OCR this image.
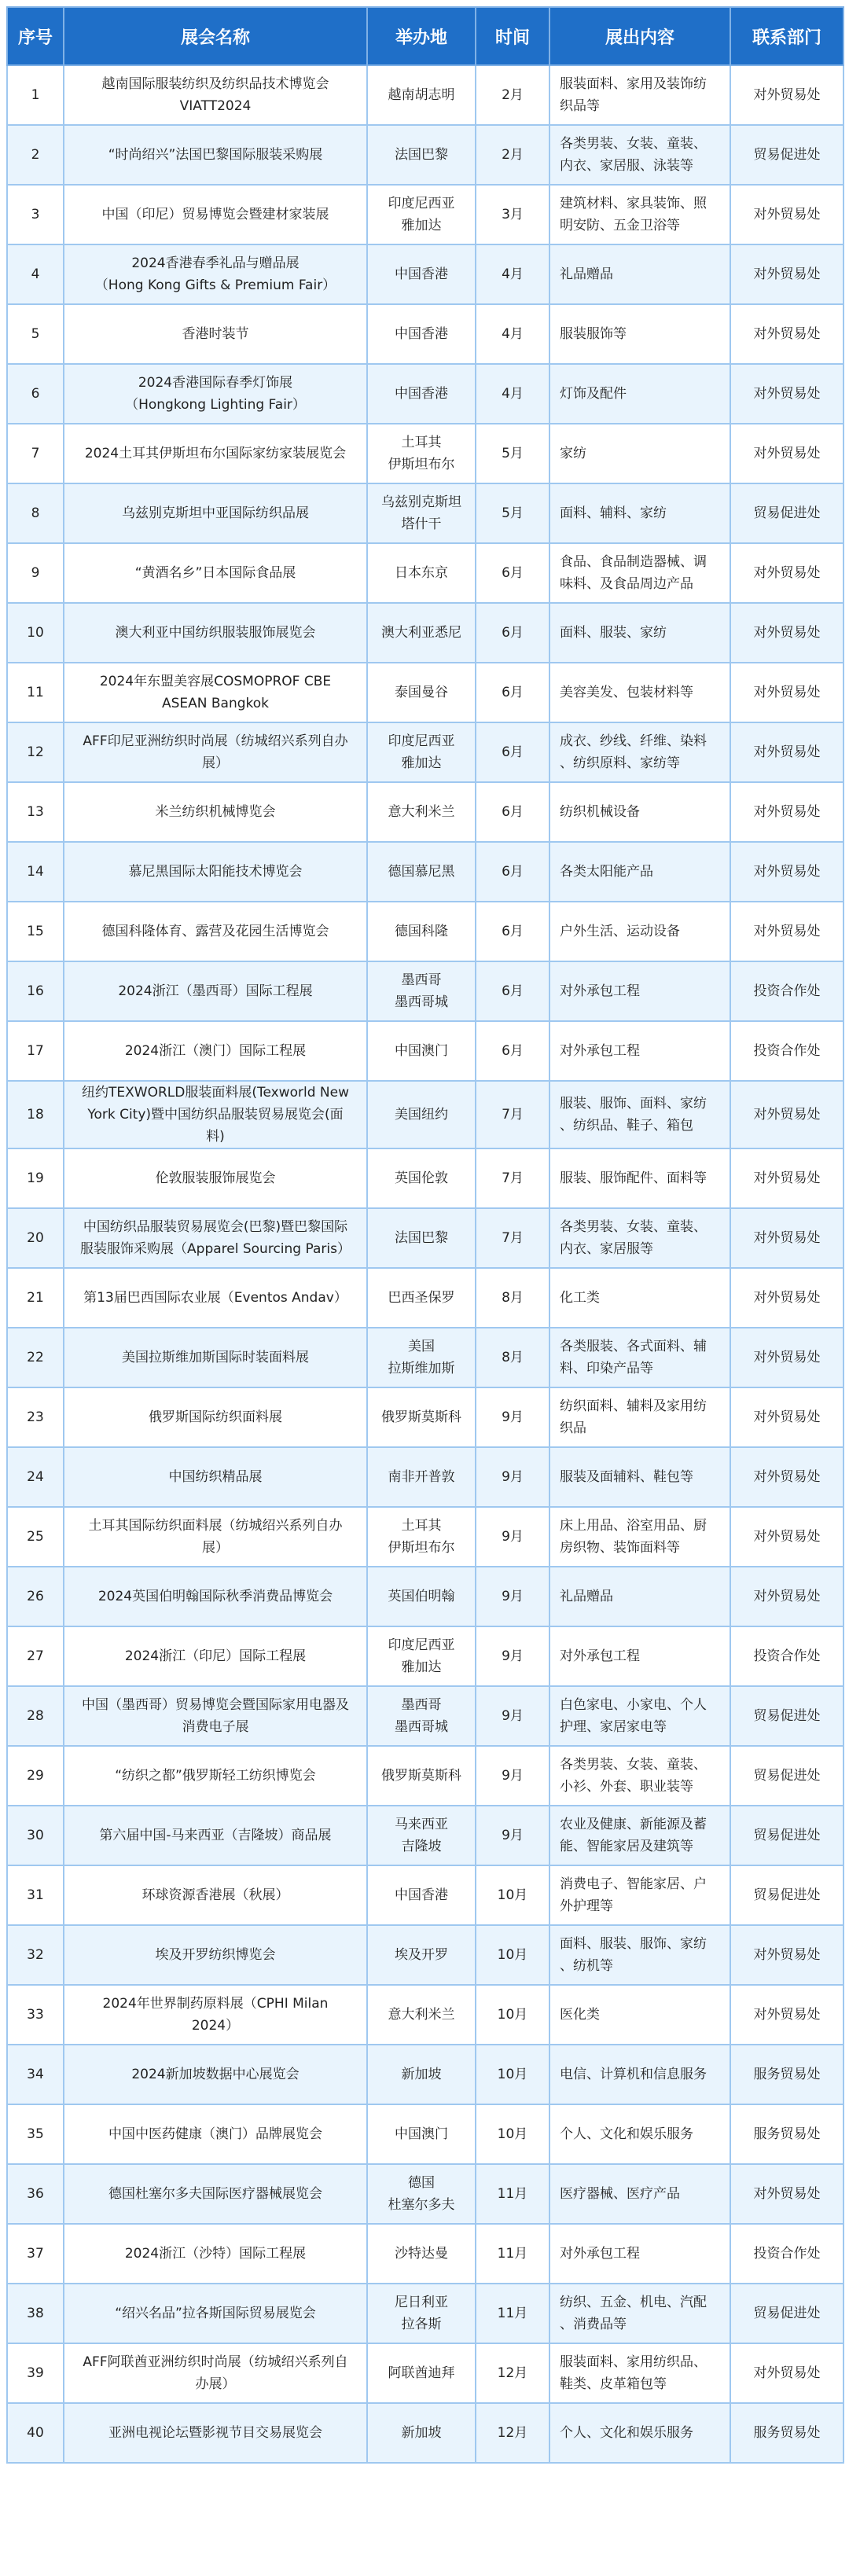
序号	展会名称	举办地	时间	展出内容	联系部门
1	越南国际服装纺织及纺织品技术博览会
VIATT2024	越南胡志明	2月	服装面料、家用及装饰纺
织品等	对外贸易处
2	“时尚绍兴”法国巴黎国际服装采购展	法国巴黎	2月	各类男装、女装、童装、
内衣、家居服、泳装等	贸易促进处
3	中国（印尼）贸易博览会暨建材家装展	印度尼西亚
雅加达	3月	建筑材料、家具装饰、照
明安防、五金卫浴等	对外贸易处
4	2024香港春季礼品与赠品展
（Hong Kong Gifts & Premium Fair）	中国香港	4月	礼品赠品	对外贸易处
5	香港时装节	中国香港	4月	服装服饰等	对外贸易处
6	2024香港国际春季灯饰展
（Hongkong Lighting Fair）	中国香港	4月	灯饰及配件	对外贸易处
7	2024土耳其伊斯坦布尔国际家纺家装展览会	土耳其
伊斯坦布尔	5月	家纺	对外贸易处
8	乌兹别克斯坦中亚国际纺织品展	乌兹别克斯坦
塔什干	5月	面料、辅料、家纺	贸易促进处
9	“黄酒名乡”日本国际食品展	日本东京	6月	食品、食品制造器械、调
味料、及食品周边产品	对外贸易处
10	澳大利亚中国纺织服装服饰展览会	澳大利亚悉尼	6月	面料、服装、家纺	对外贸易处
11	2024年东盟美容展COSMOPROF CBE
ASEAN Bangkok	泰国曼谷	6月	美容美发、包装材料等	对外贸易处
12	AFF印尼亚洲纺织时尚展（纺城绍兴系列自办
展）	印度尼西亚
雅加达	6月	成衣、纱线、纤维、染料
、纺织原料、家纺等	对外贸易处
13	米兰纺织机械博览会	意大利米兰	6月	纺织机械设备	对外贸易处
14	慕尼黑国际太阳能技术博览会	德国慕尼黑	6月	各类太阳能产品	对外贸易处
15	德国科隆体育、露营及花园生活博览会	德国科隆	6月	户外生活、运动设备	对外贸易处
16	2024浙江（墨西哥）国际工程展	墨西哥
墨西哥城	6月	对外承包工程	投资合作处
17	2024浙江（澳门）国际工程展	中国澳门	6月	对外承包工程	投资合作处
18	纽约TEXWORLD服装面料展(Texworld New
York City)暨中国纺织品服装贸易展览会(面
料)	美国纽约	7月	服装、服饰、面料、家纺
、纺织品、鞋子、箱包	对外贸易处
19	伦敦服装服饰展览会	英国伦敦	7月	服装、服饰配件、面料等	对外贸易处
20	中国纺织品服装贸易展览会(巴黎)暨巴黎国际
服装服饰采购展（Apparel Sourcing Paris）	法国巴黎	7月	各类男装、女装、童装、
内衣、家居服等	对外贸易处
21	第13届巴西国际农业展（Eventos Andav）	巴西圣保罗	8月	化工类	对外贸易处
22	美国拉斯维加斯国际时装面料展	美国
拉斯维加斯	8月	各类服装、各式面料、辅
料、印染产品等	对外贸易处
23	俄罗斯国际纺织面料展	俄罗斯莫斯科	9月	纺织面料、辅料及家用纺
织品	对外贸易处
24	中国纺织精品展	南非开普敦	9月	服装及面辅料、鞋包等	对外贸易处
25	土耳其国际纺织面料展（纺城绍兴系列自办
展）	土耳其
伊斯坦布尔	9月	床上用品、浴室用品、厨
房织物、装饰面料等	对外贸易处
26	2024英国伯明翰国际秋季消费品博览会	英国伯明翰	9月	礼品赠品	对外贸易处
27	2024浙江（印尼）国际工程展	印度尼西亚
雅加达	9月	对外承包工程	投资合作处
28	中国（墨西哥）贸易博览会暨国际家用电器及
消费电子展	墨西哥
墨西哥城	9月	白色家电、小家电、个人
护理、家居家电等	贸易促进处
29	“纺织之都”俄罗斯轻工纺织博览会	俄罗斯莫斯科	9月	各类男装、女装、童装、
小衫、外套、职业装等	贸易促进处
30	第六届中国-马来西亚（吉隆坡）商品展	马来西亚
吉隆坡	9月	农业及健康、新能源及蓄
能、智能家居及建筑等	贸易促进处
31	环球资源香港展（秋展）	中国香港	10月	消费电子、智能家居、户
外护理等	贸易促进处
32	埃及开罗纺织博览会	埃及开罗	10月	面料、服装、服饰、家纺
、纺机等	对外贸易处
33	2024年世界制药原料展（CPHI Milan
2024）	意大利米兰	10月	医化类	对外贸易处
34	2024新加坡数据中心展览会	新加坡	10月	电信、计算机和信息服务	服务贸易处
35	中国中医药健康（澳门）品牌展览会	中国澳门	10月	个人、文化和娱乐服务	服务贸易处
36	德国杜塞尔多夫国际医疗器械展览会	德国
杜塞尔多夫	11月	医疗器械、医疗产品	对外贸易处
37	2024浙江（沙特）国际工程展	沙特达曼	11月	对外承包工程	投资合作处
38	“绍兴名品”拉各斯国际贸易展览会	尼日利亚
拉各斯	11月	纺织、五金、机电、汽配
、消费品等	贸易促进处
39	AFF阿联酋亚洲纺织时尚展（纺城绍兴系列自
办展）	阿联酋迪拜	12月	服装面料、家用纺织品、
鞋类、皮革箱包等	对外贸易处
40	亚洲电视论坛暨影视节目交易展览会	新加坡	12月	个人、文化和娱乐服务	服务贸易处
